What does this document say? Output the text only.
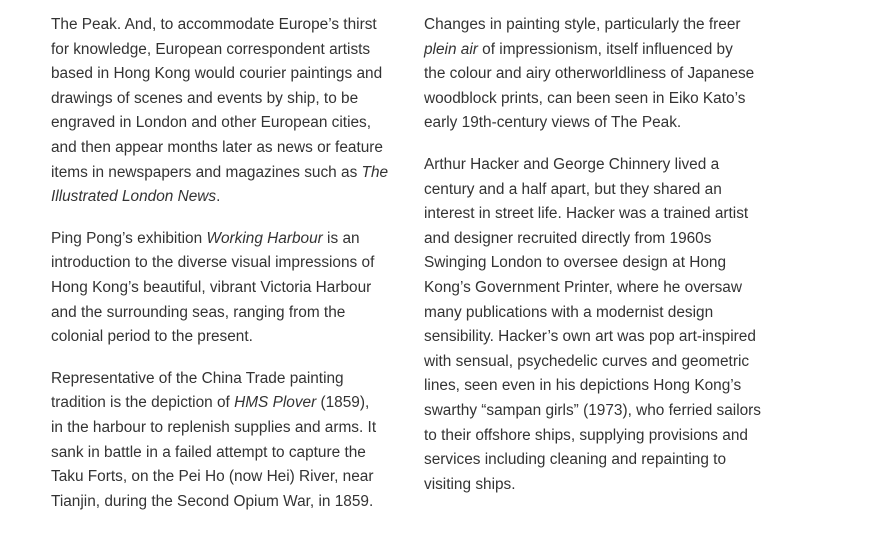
The Peak. And, to accommodate Europe’s thirst
for knowledge, European correspondent artists
based in Hong Kong would courier paintings and
drawings of scenes and events by ship, to be
engraved in London and other European cities,
and then appear months later as news or feature
items in newspapers and magazines such as The
Illustrated London News.

Ping Pong’s exhibition Working Harbour is an
introduction to the diverse visual impressions of
Hong Kong’s beautiful, vibrant Victoria Harbour
and the surrounding seas, ranging from the
colonial period to the present.

Representative of the China Trade painting
tradition is the depiction of HMS Plover (1859),
in the harbour to replenish supplies and arms. It
sank in battle in a failed attempt to capture the
Taku Forts, on the Pei Ho (now Hei) River, near
Tianjin, during the Second Opium War, in 1859.

Changes in painting style, particularly the freer
plein air of impressionism, itself influenced by
the colour and airy otherworldliness of Japanese
woodblock prints, can been seen in Eiko Kato’s
early 19th-century views of The Peak.

Arthur Hacker and George Chinnery lived a
century and a half apart, but they shared an
interest in street life. Hacker was a trained artist
and designer recruited directly from 1960s
Swinging London to oversee design at Hong
Kong’s Government Printer, where he oversaw
many publications with a modernist design
sensibility. Hacker’s own art was pop art-inspired
with sensual, psychedelic curves and geometric
lines, seen even in his depictions Hong Kong’s
swarthy “sampan girls” (1973), who ferried sailors
to their offshore ships, supplying provisions and
services including cleaning and repainting to
visiting ships.
